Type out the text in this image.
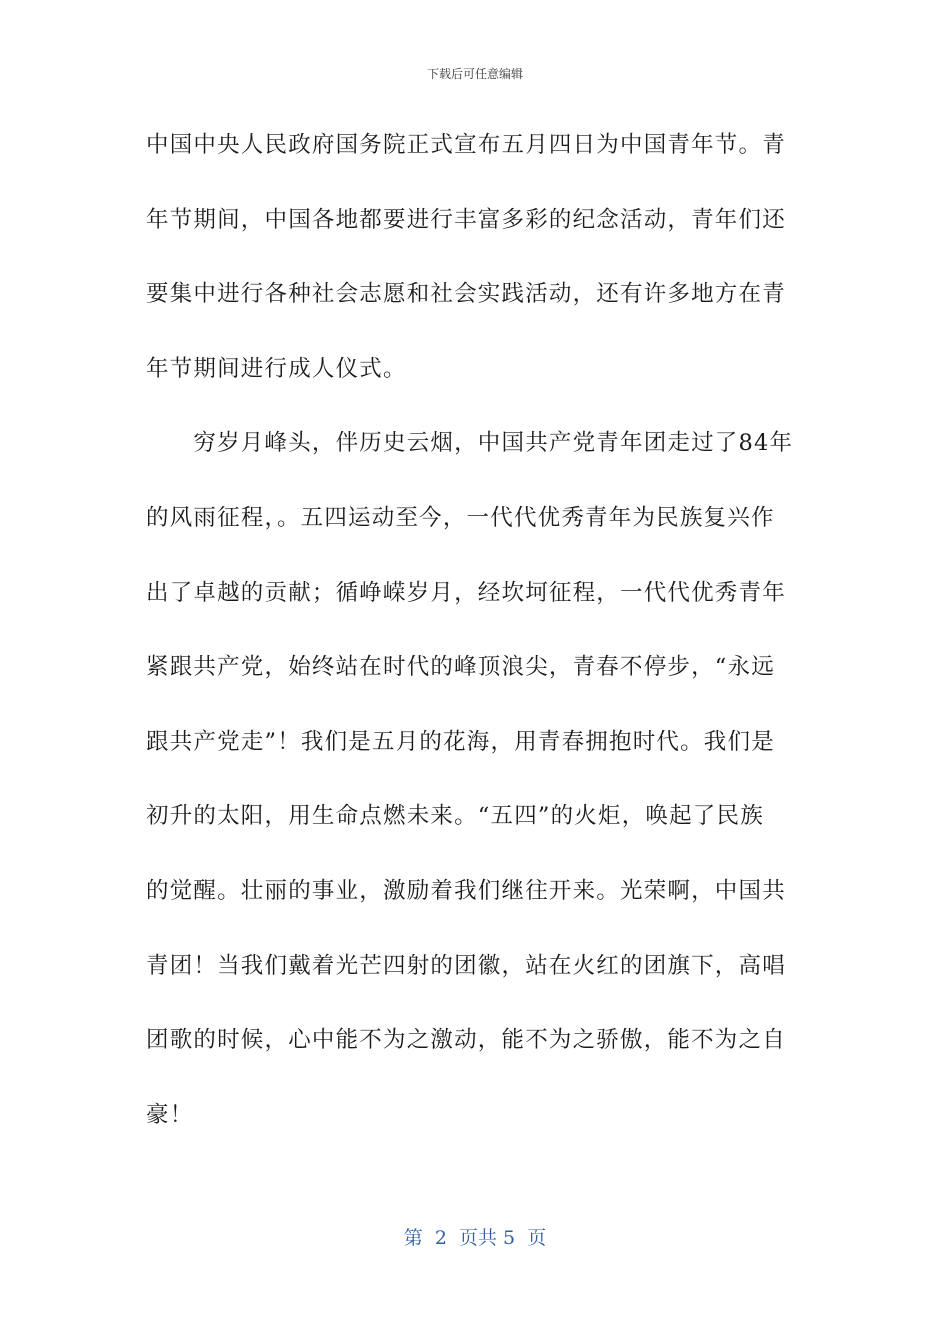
下载后可任意编辑
中国中央人民政府国务院正式宣布五月四日为中国青年节。青
年节期间，中国各地都要进行丰富多彩的纪念活动，青年们还
要集中进行各种社会志愿和社会实践活动，还有许多地方在青
年节期间进行成人仪式。
　　穷岁月峰头，伴历史云烟，中国共产党青年团走过了84年
的风雨征程，。五四运动至今，一代代优秀青年为民族复兴作
出了卓越的贡献；循峥嵘岁月，经坎坷征程，一代代优秀青年
紧跟共产党，始终站在时代的峰顶浪尖，青春不停步，“永远
跟共产党走”！我们是五月的花海，用青春拥抱时代。我们是
初升的太阳，用生命点燃未来。“五四”的火炬，唤起了民族
的觉醒。壮丽的事业，激励着我们继往开来。光荣啊，中国共
青团！当我们戴着光芒四射的团徽，站在火红的团旗下，高唱
团歌的时候，心中能不为之激动，能不为之骄傲，能不为之自
豪！
第  2  页共 5  页
